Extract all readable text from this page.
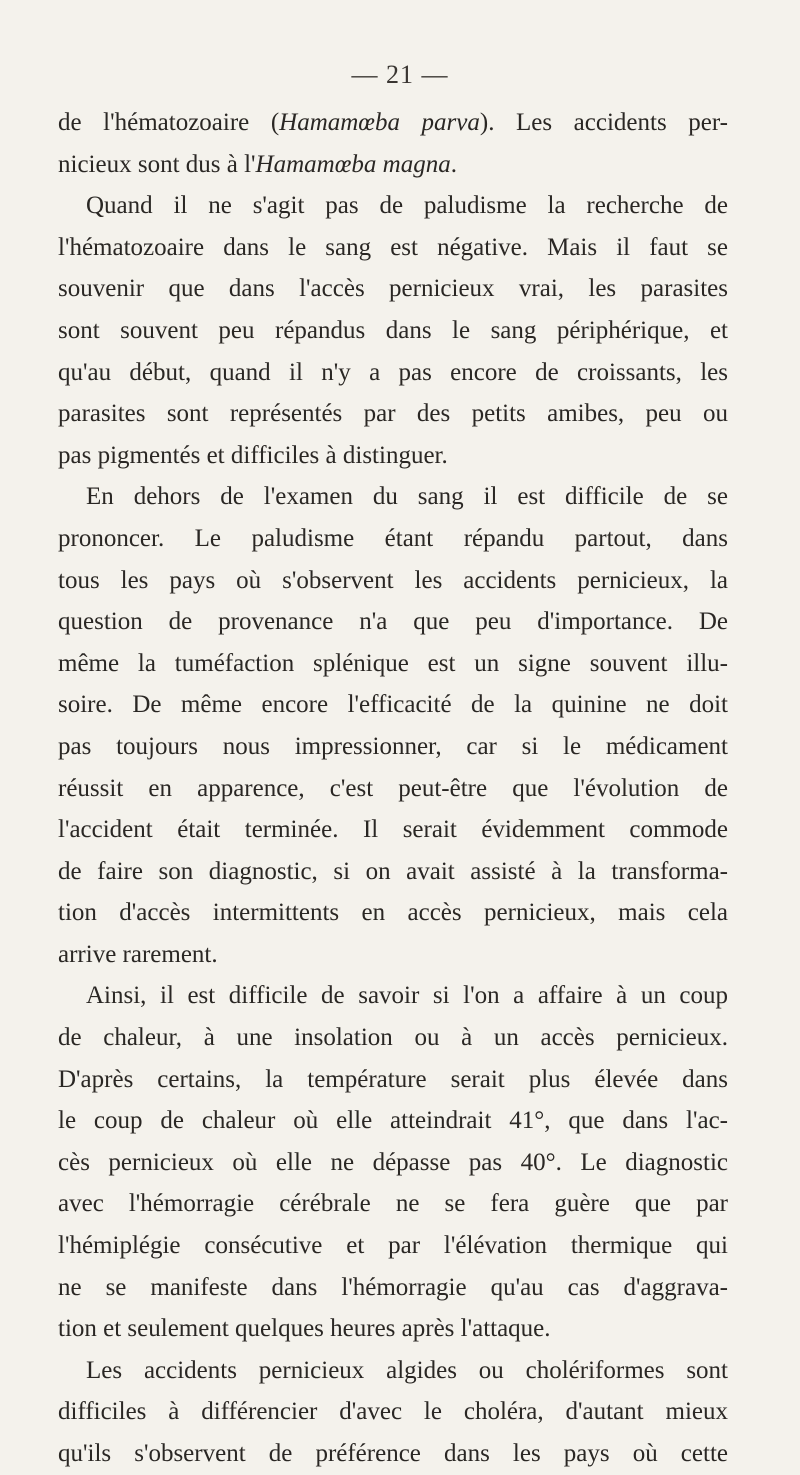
— 21 —
de l'hématozoaire (Hamamœba parva). Les accidents per-
nicieux sont dus à l'Hamamœba magna.
Quand il ne s'agit pas de paludisme la recherche de
l'hématozoaire dans le sang est négative. Mais il faut se
souvenir que dans l'accès pernicieux vrai, les parasites
sont souvent peu répandus dans le sang périphérique, et
qu'au début, quand il n'y a pas encore de croissants, les
parasites sont représentés par des petits amibes, peu ou
pas pigmentés et difficiles à distinguer.
En dehors de l'examen du sang il est difficile de se
prononcer. Le paludisme étant répandu partout, dans
tous les pays où s'observent les accidents pernicieux, la
question de provenance n'a que peu d'importance. De
même la tuméfaction splénique est un signe souvent illu-
soire. De même encore l'efficacité de la quinine ne doit
pas toujours nous impressionner, car si le médicament
réussit en apparence, c'est peut-être que l'évolution de
l'accident était terminée. Il serait évidemment commode
de faire son diagnostic, si on avait assisté à la transforma-
tion d'accès intermittents en accès pernicieux, mais cela
arrive rarement.
Ainsi, il est difficile de savoir si l'on a affaire à un coup
de chaleur, à une insolation ou à un accès pernicieux.
D'après certains, la température serait plus élevée dans
le coup de chaleur où elle atteindrait 41°, que dans l'ac-
cès pernicieux où elle ne dépasse pas 40°. Le diagnostic
avec l'hémorragie cérébrale ne se fera guère que par
l'hémiplégie consécutive et par l'élévation thermique qui
ne se manifeste dans l'hémorragie qu'au cas d'aggrava-
tion et seulement quelques heures après l'attaque.
Les accidents pernicieux algides ou cholériformes sont
difficiles à différencier d'avec le choléra, d'autant mieux
qu'ils s'observent de préférence dans les pays où cette
